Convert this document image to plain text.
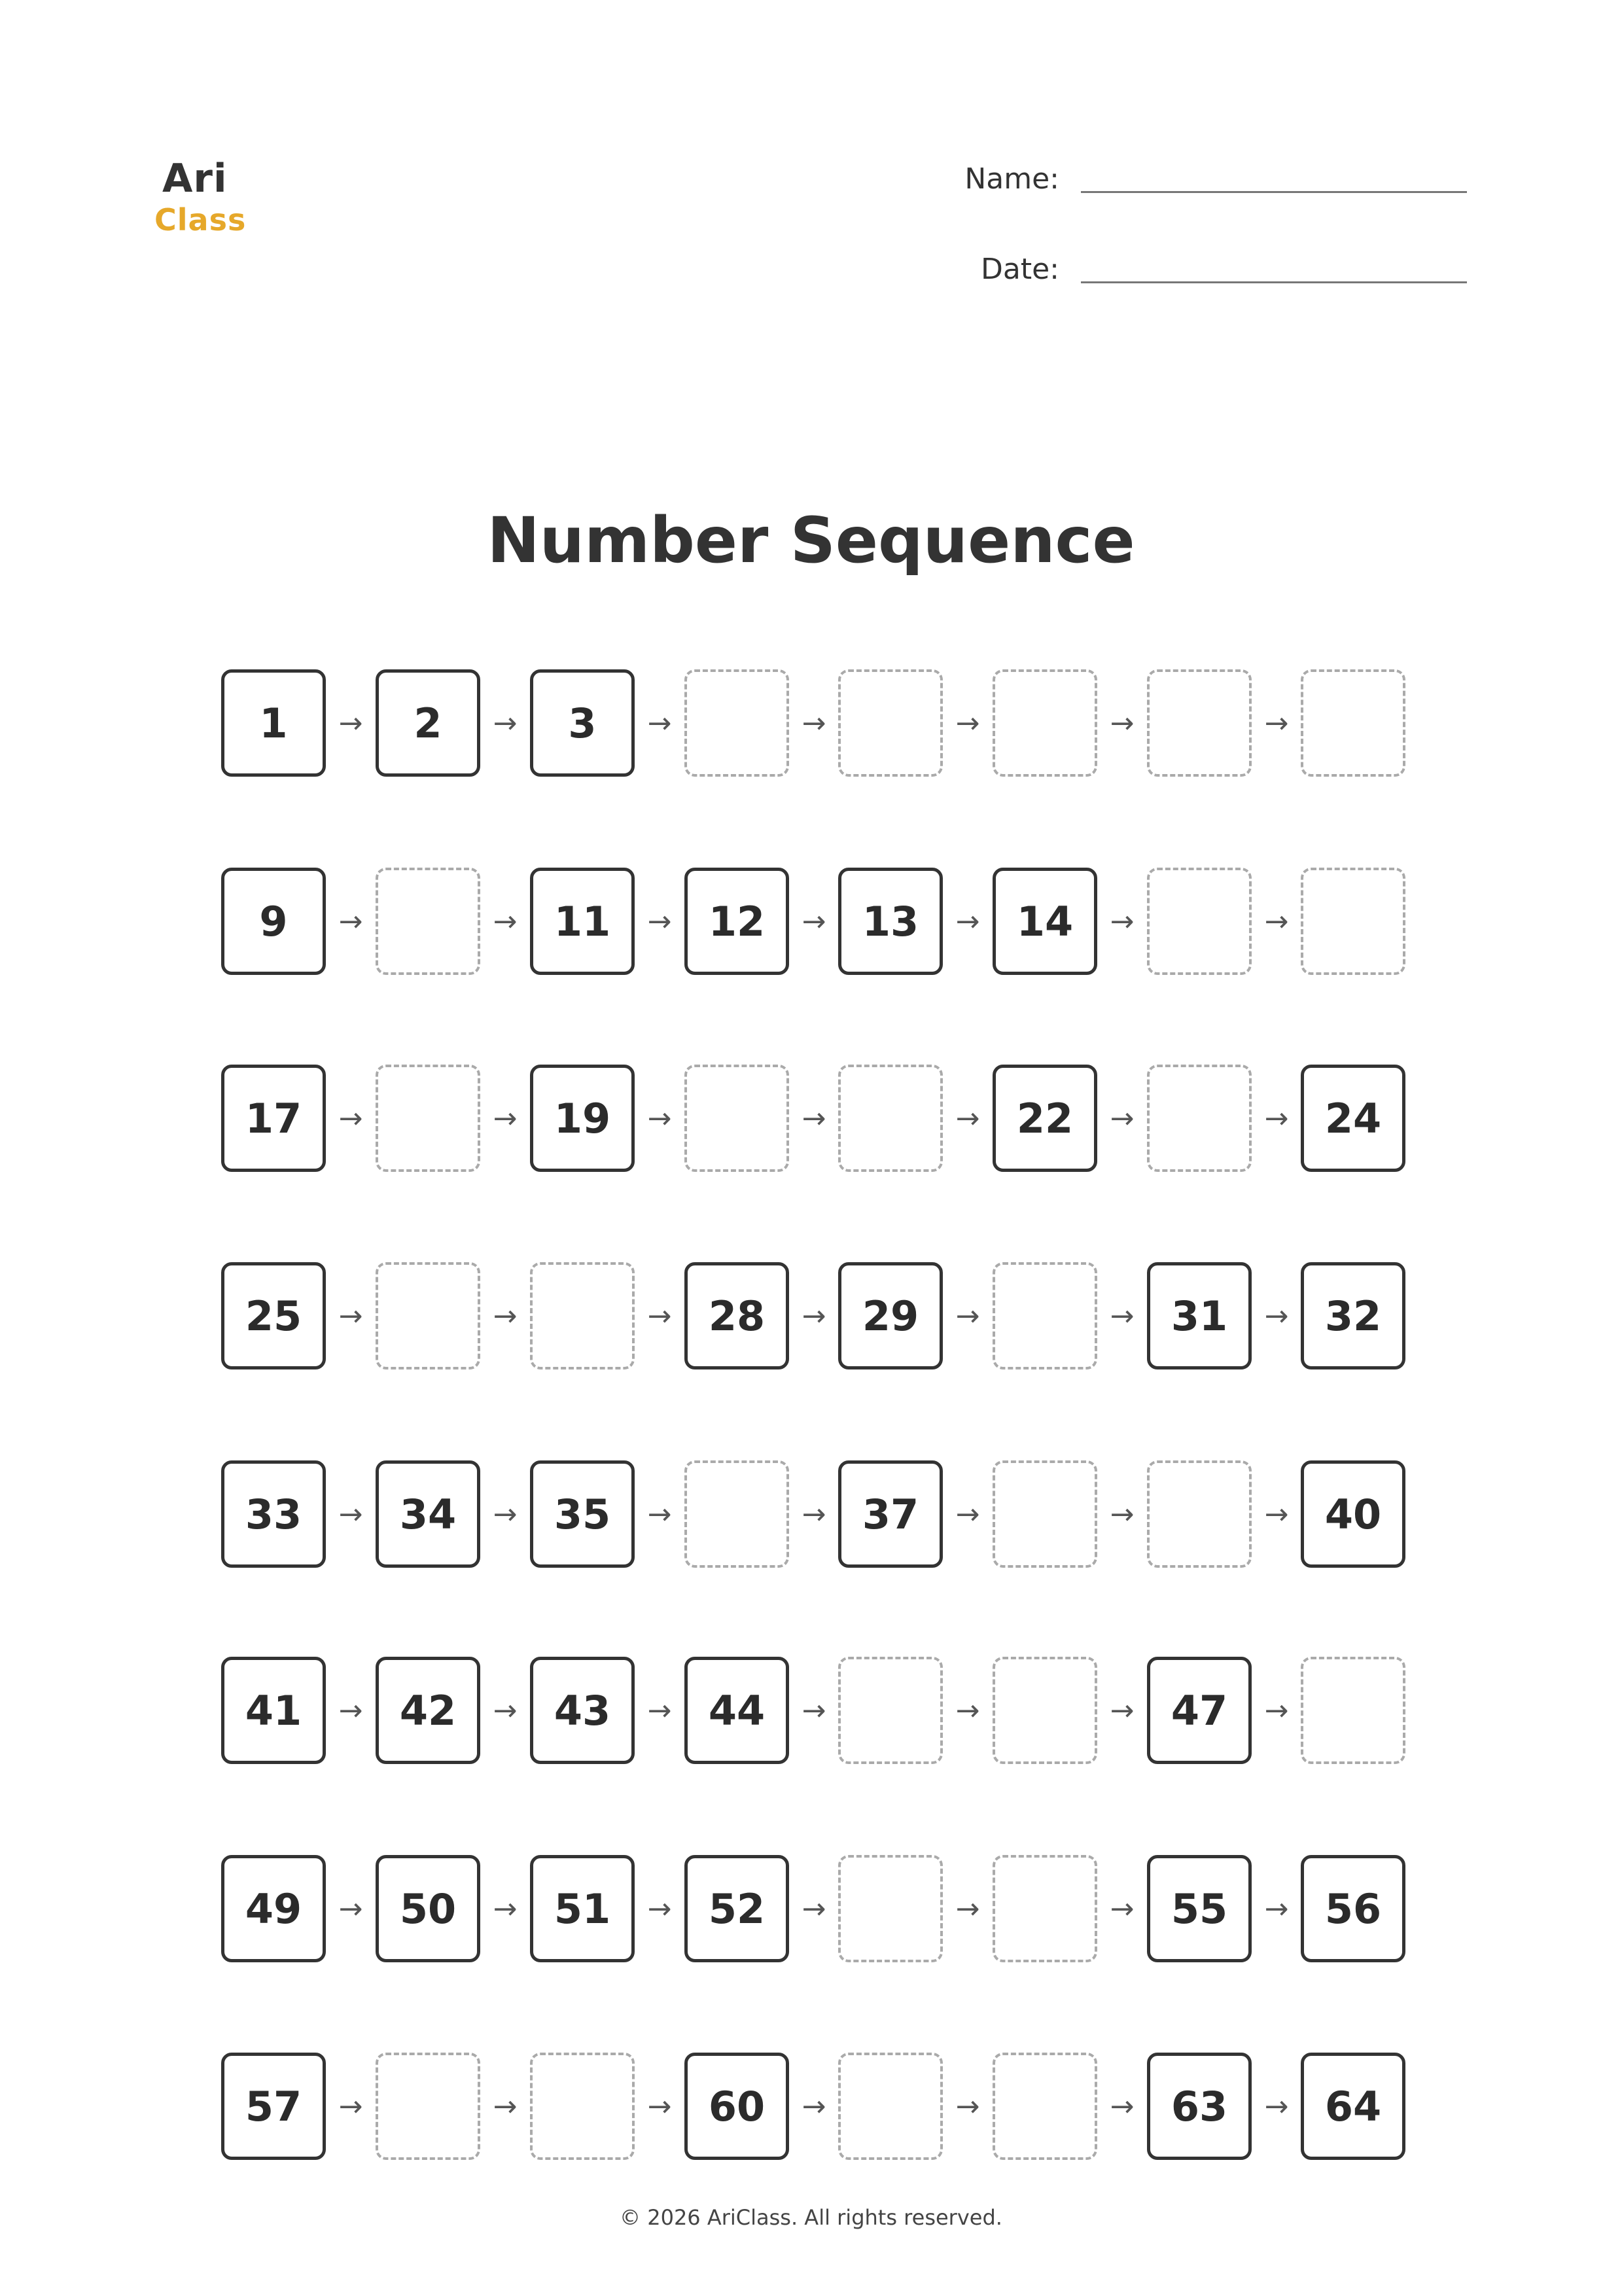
Ari
Class
Name:
Date:
Number Sequence
1	→	2	→	3	→	→	→	→	→
9	→	→ 11	→ 12	→ 13	→ 14	→	→
17	→	→ 19	→	→	→ 22	→	→ 24
25	→	→	→ 28	→ 29	→	→ 31	→ 32
33	→ 34	→ 35	→	→ 37	→	→	→ 40
41	→ 42	→ 43	→ 44	→	→	→ 47	→
49	→ 50	→ 51	→ 52	→	→	→ 55	→ 56
57	→	→	→ 60	→	→	→ 63	→ 64
© 2026 AriClass. All rights reserved.
